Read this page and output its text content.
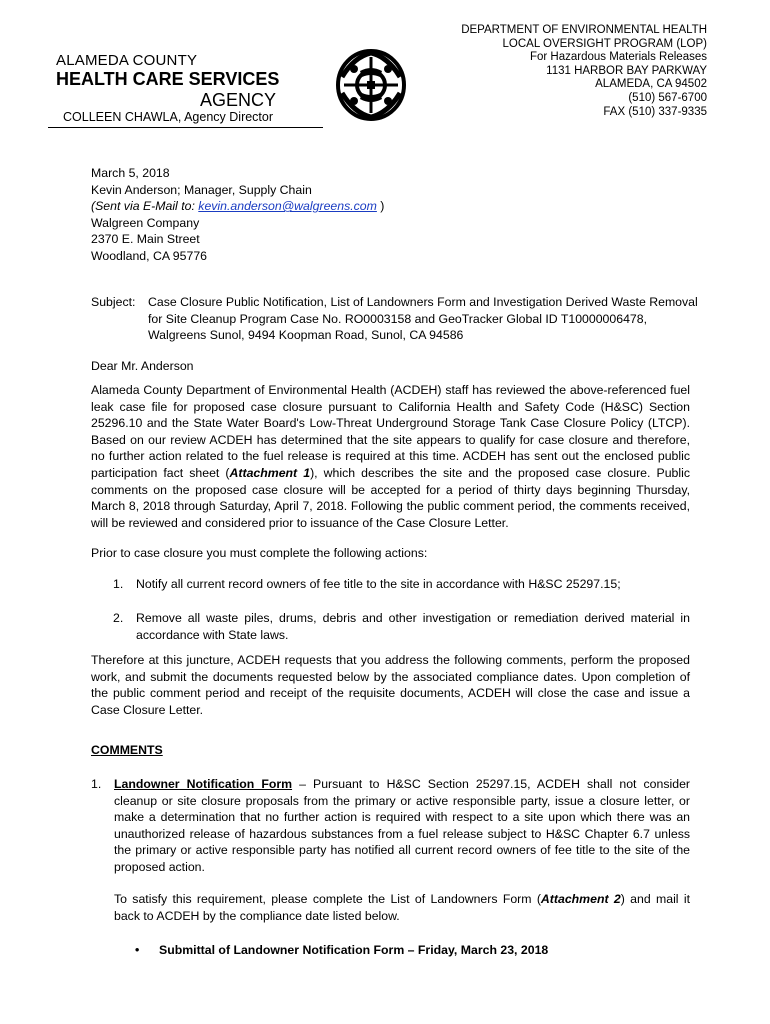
ALAMEDA COUNTY
HEALTH CARE SERVICES
AGENCY
COLLEEN CHAWLA, Agency Director
DEPARTMENT OF ENVIRONMENTAL HEALTH
LOCAL OVERSIGHT PROGRAM (LOP)
For Hazardous Materials Releases
1131 HARBOR BAY PARKWAY
ALAMEDA, CA 94502
(510) 567-6700
FAX (510) 337-9335
March 5, 2018
Kevin Anderson; Manager, Supply Chain
(Sent via E-Mail to: kevin.anderson@walgreens.com )
Walgreen Company
2370 E. Main Street
Woodland, CA 95776
Subject: Case Closure Public Notification, List of Landowners Form and Investigation Derived Waste Removal for Site Cleanup Program Case No. RO0003158 and GeoTracker Global ID T10000006478, Walgreens Sunol, 9494 Koopman Road, Sunol, CA 94586
Dear Mr. Anderson
Alameda County Department of Environmental Health (ACDEH) staff has reviewed the above-referenced fuel leak case file for proposed case closure pursuant to California Health and Safety Code (H&SC) Section 25296.10 and the State Water Board's Low-Threat Underground Storage Tank Case Closure Policy (LTCP). Based on our review ACDEH has determined that the site appears to qualify for case closure and therefore, no further action related to the fuel release is required at this time. ACDEH has sent out the enclosed public participation fact sheet (Attachment 1), which describes the site and the proposed case closure. Public comments on the proposed case closure will be accepted for a period of thirty days beginning Thursday, March 8, 2018 through Saturday, April 7, 2018. Following the public comment period, the comments received, will be reviewed and considered prior to issuance of the Case Closure Letter.
Prior to case closure you must complete the following actions:
1. Notify all current record owners of fee title to the site in accordance with H&SC 25297.15;
2. Remove all waste piles, drums, debris and other investigation or remediation derived material in accordance with State laws.
Therefore at this juncture, ACDEH requests that you address the following comments, perform the proposed work, and submit the documents requested below by the associated compliance dates. Upon completion of the public comment period and receipt of the requisite documents, ACDEH will close the case and issue a Case Closure Letter.
COMMENTS
1. Landowner Notification Form – Pursuant to H&SC Section 25297.15, ACDEH shall not consider cleanup or site closure proposals from the primary or active responsible party, issue a closure letter, or make a determination that no further action is required with respect to a site upon which there was an unauthorized release of hazardous substances from a fuel release subject to H&SC Chapter 6.7 unless the primary or active responsible party has notified all current record owners of fee title to the site of the proposed action.
To satisfy this requirement, please complete the List of Landowners Form (Attachment 2) and mail it back to ACDEH by the compliance date listed below.
• Submittal of Landowner Notification Form – Friday, March 23, 2018
